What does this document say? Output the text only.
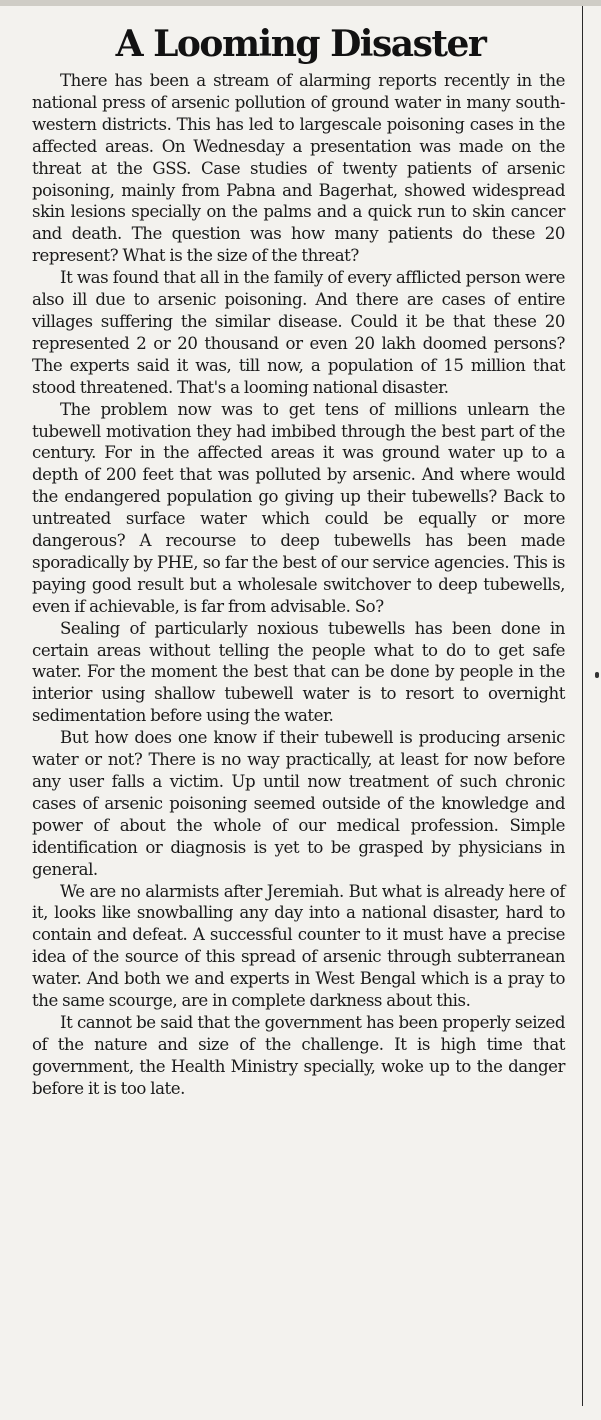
A Looming Disaster

There has been a stream of alarming reports recently in the national press of arsenic pollution of ground water in many south-western districts. This has led to largescale poisoning cases in the affected areas. On Wednesday a presentation was made on the threat at the GSS. Case studies of twenty patients of arsenic poisoning, mainly from Pabna and Bagerhat, showed widespread skin lesions specially on the palms and a quick run to skin cancer and death. The question was how many patients do these 20 represent? What is the size of the threat?

It was found that all in the family of every afflicted person were also ill due to arsenic poisoning. And there are cases of entire villages suffering the similar disease. Could it be that these 20 represented 2 or 20 thousand or even 20 lakh doomed persons? The experts said it was, till now, a population of 15 million that stood threatened. That's a looming national disaster.

The problem now was to get tens of millions unlearn the tubewell motivation they had imbibed through the best part of the century. For in the affected areas it was ground water up to a depth of 200 feet that was polluted by arsenic. And where would the endangered population go giving up their tubewells? Back to untreated surface water which could be equally or more dangerous? A recourse to deep tubewells has been made sporadically by PHE, so far the best of our service agencies. This is paying good result but a wholesale switchover to deep tubewells, even if achievable, is far from advisable. So?

Sealing of particularly noxious tubewells has been done in certain areas without telling the people what to do to get safe water. For the moment the best that can be done by people in the interior using shallow tubewell water is to resort to overnight sedimentation before using the water.

But how does one know if their tubewell is producing arsenic water or not? There is no way practically, at least for now before any user falls a victim. Up until now treatment of such chronic cases of arsenic poisoning seemed outside of the knowledge and power of about the whole of our medical profession. Simple identification or diagnosis is yet to be grasped by physicians in general.

We are no alarmists after Jeremiah. But what is already here of it, looks like snowballing any day into a national disaster, hard to contain and defeat. A successful counter to it must have a precise idea of the source of this spread of arsenic through subterranean water. And both we and experts in West Bengal which is a pray to the same scourge, are in complete darkness about this.

It cannot be said that the government has been properly seized of the nature and size of the challenge. It is high time that government, the Health Ministry specially, woke up to the danger before it is too late.
